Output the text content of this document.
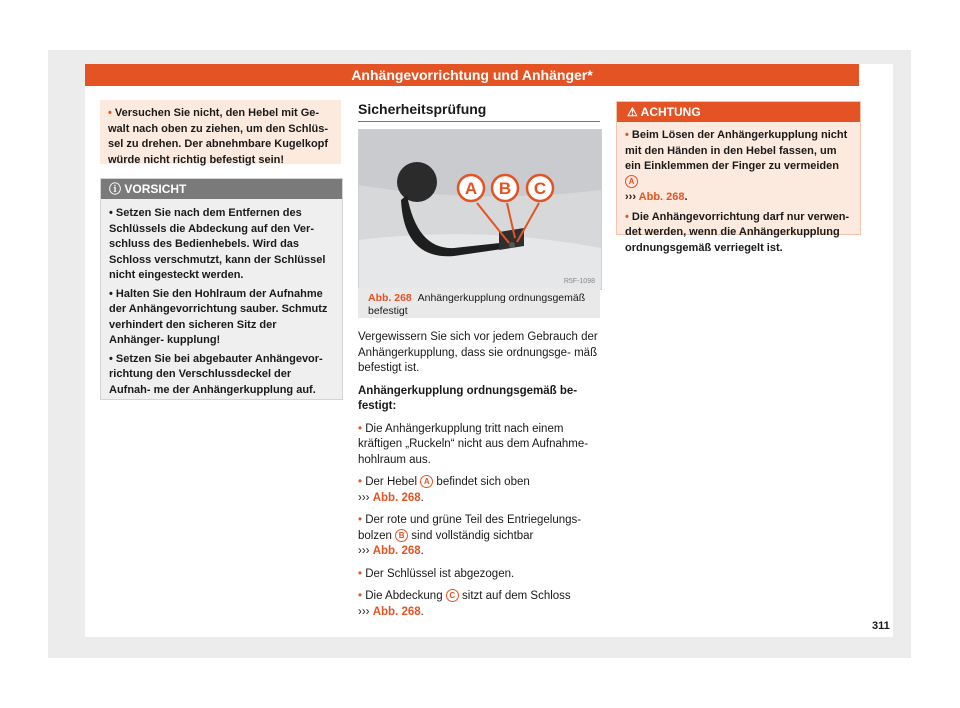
Anhängevorrichtung und Anhänger*

• Versuchen Sie nicht, den Hebel mit Ge- walt nach oben zu ziehen, um den Schlüs- sel zu drehen. Der abnehmbare Kugelkopf würde nicht richtig befestigt sein!

ⓘ VORSICHT

• Setzen Sie nach dem Entfernen des Schlüssels die Abdeckung auf den Ver- schluss des Bedienhebels. Wird das Schloss verschmutzt, kann der Schlüssel nicht eingesteckt werden.

• Halten Sie den Hohlraum der Aufnahme der Anhängevorrichtung sauber. Schmutz verhindert den sicheren Sitz der Anhänger- kupplung!

• Setzen Sie bei abgebauter Anhängevor- richtung den Verschlussdeckel der Aufnah- me der Anhängerkupplung auf.

Sicherheitsprüfung
A B C
R5F-1098
Abb. 268 Anhängerkupplung ordnungsgemäß befestigt

Vergewissern Sie sich vor jedem Gebrauch der Anhängerkupplung, dass sie ordnungsge- mäß befestigt ist.

Anhängerkupplung ordnungsgemäß be- festigt:

• Die Anhängerkupplung tritt nach einem kräftigen „Ruckeln“ nicht aus dem Aufnahme- hohlraum aus.

• Der Hebel A befindet sich oben
››› Abb. 268.

• Der rote und grüne Teil des Entriegelungs- bolzen B sind vollständig sichtbar
››› Abb. 268.

• Der Schlüssel ist abgezogen.

• Die Abdeckung C sitzt auf dem Schloss
››› Abb. 268.

⚠ ACHTUNG

• Beim Lösen der Anhängerkupplung nicht mit den Händen in den Hebel fassen, um ein Einklemmen der Finger zu vermeiden A
››› Abb. 268.

• Die Anhängevorrichtung darf nur verwen- det werden, wenn die Anhängerkupplung ordnungsgemäß verriegelt ist.

311
